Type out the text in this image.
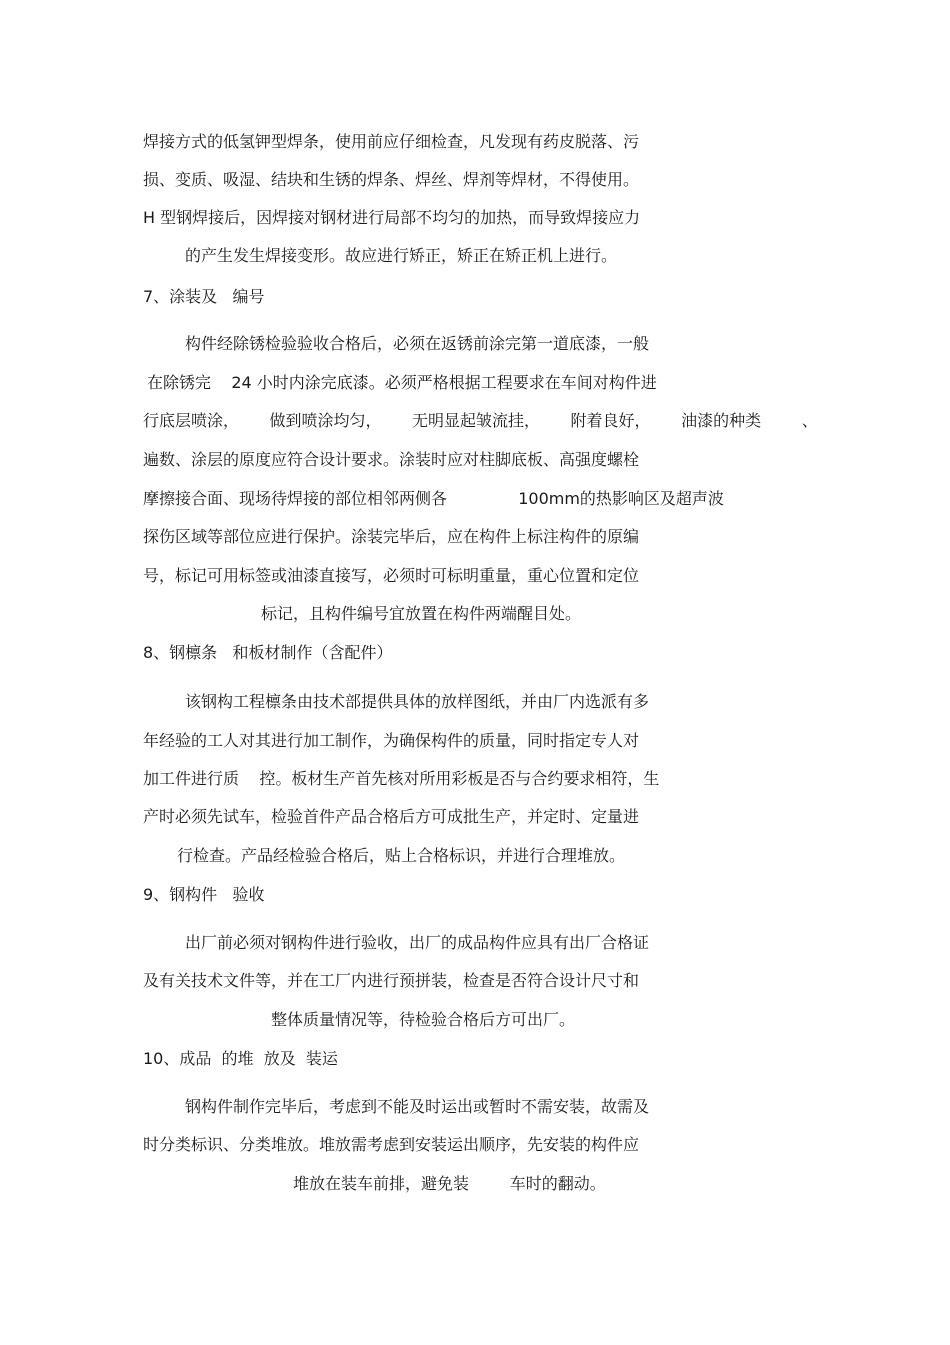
焊接方式的低氢钾型焊条，使用前应仔细检查，凡发现有药皮脱落、污
损、变质、吸湿、结块和生锈的焊条、焊丝、焊剂等焊材，不得使用。
H 型钢焊接后，因焊接对钢材进行局部不均匀的加热，而导致焊接应力
的产生发生焊接变形。故应进行矫正，矫正在矫正机上进行。
7、涂装及   编号
构件经除锈检验验收合格后，必须在返锈前涂完第一道底漆，一般
在除锈完    24 小时内涂完底漆。必须严格根据工程要求在车间对构件进
行底层喷涂，      做到喷涂均匀，      无明显起皱流挂，      附着良好，      油漆的种类        、
遍数、涂层的原度应符合设计要求。涂装时应对柱脚底板、高强度螺栓
摩擦接合面、现场待焊接的部位相邻两侧各              100mm的热影响区及超声波
探伤区域等部位应进行保护。涂装完毕后，应在构件上标注构件的原编
号，标记可用标签或油漆直接写，必须时可标明重量，重心位置和定位
标记，且构件编号宜放置在构件两端醒目处。
8、钢檩条   和板材制作（含配件）
该钢构工程檩条由技术部提供具体的放样图纸，并由厂内选派有多
年经验的工人对其进行加工制作，为确保构件的质量，同时指定专人对
加工件进行质    控。板材生产首先核对所用彩板是否与合约要求相符，生
产时必须先试车，检验首件产品合格后方可成批生产，并定时、定量进
行检查。产品经检验合格后，贴上合格标识，并进行合理堆放。
9、钢构件   验收
出厂前必须对钢构件进行验收，出厂的成品构件应具有出厂合格证
及有关技术文件等，并在工厂内进行预拼装，检查是否符合设计尺寸和
整体质量情况等，待检验合格后方可出厂。
10、成品  的堆  放及  装运
钢构件制作完毕后，考虑到不能及时运出或暂时不需安装，故需及
时分类标识、分类堆放。堆放需考虑到安装运出顺序，先安装的构件应
堆放在装车前排，避免装        车时的翻动。
